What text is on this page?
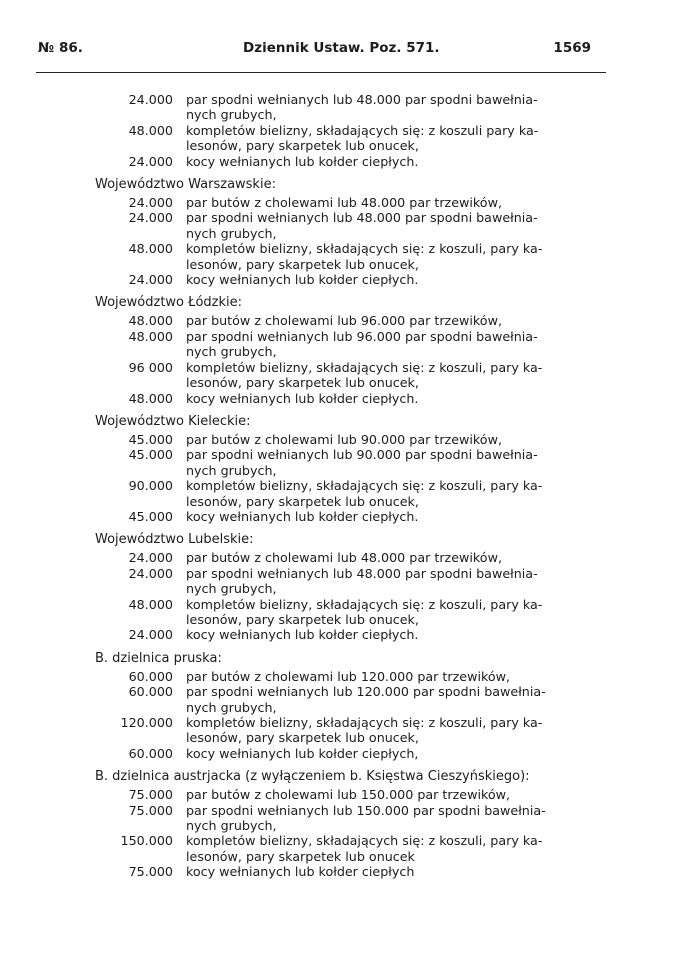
№ 86.	Dziennik Ustaw. Poz. 571.	1569
24.000 par spodni wełnianych lub 48.000 par spodni bawełnia-
nych grubych,
48.000 kompletów bielizny, składających się: z koszuli pary ka-
lesonów, pary skarpetek lub onucek,
24.000 kocy wełnianych lub kołder ciepłych.
Województwo Warszawskie:
24.000 par butów z cholewami lub 48.000 par trzewików,
24.000 par spodni wełnianych lub 48.000 par spodni bawełnia-
nych grubych,
48.000 kompletów bielizny, składających się: z koszuli, pary ka-
lesonów, pary skarpetek lub onucek,
24.000 kocy wełnianych lub kołder ciepłych.
Województwo Łódzkie:
48.000 par butów z cholewami lub 96.000 par trzewików,
48.000 par spodni wełnianych lub 96.000 par spodni bawełnia-
nych grubych,
96 000 kompletów bielizny, składających się: z koszuli, pary ka-
lesonów, pary skarpetek lub onucek,
48.000 kocy wełnianych lub kołder ciepłych.
Województwo Kieleckie:
45.000 par butów z cholewami lub 90.000 par trzewików,
45.000 par spodni wełnianych lub 90.000 par spodni bawełnia-
nych grubych,
90.000 kompletów bielizny, składających się: z koszuli, pary ka-
lesonów, pary skarpetek lub onucek,
45.000 kocy wełnianych lub kołder ciepłych.
Województwo Lubelskie:
24.000 par butów z cholewami lub 48.000 par trzewików,
24.000 par spodni wełnianych lub 48.000 par spodni bawełnia-
nych grubych,
48.000 kompletów bielizny, składających się: z koszuli, pary ka-
lesonów, pary skarpetek lub onucek,
24.000 kocy wełnianych lub kołder ciepłych.
B. dzielnica pruska:
60.000 par butów z cholewami lub 120.000 par trzewików,
60.000 par spodni wełnianych lub 120.000 par spodni bawełnia-
nych grubych,
120.000 kompletów bielizny, składających się: z koszuli, pary ka-
lesonów, pary skarpetek lub onucek,
60.000 kocy wełnianych lub kołder ciepłych,
B. dzielnica austrjacka (z wyłączeniem b. Księstwa Cieszyńskiego):
75.000 par butów z cholewami lub 150.000 par trzewików,
75.000 par spodni wełnianych lub 150.000 par spodni bawełnia-
nych grubych,
150.000 kompletów bielizny, składających się: z koszuli, pary ka-
lesonów, pary skarpetek lub onucek
75.000 kocy wełnianych lub kołder ciepłych
